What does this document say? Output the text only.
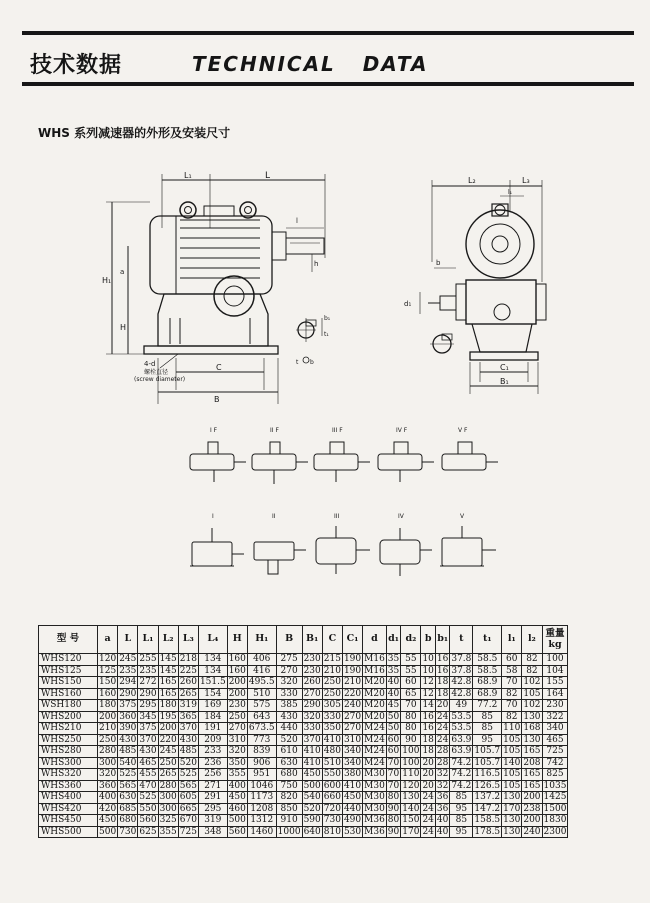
技术数据	TECHNICAL   DATA
WHS 系列减速器的外形及安装尺寸
L₁	L
l
h
H₁
a
H
4-d
螺栓直径
(screw diameter)
C
B
b₁
t₁
b
t
L₂	L₃
l₁
b
d₁
C₁
B₁
I F	II F	III F	IV F	V F
I	II	III	IV	V
型 号	a	L	L₁	L₂	L₃	L₄	H	H₁	B	B₁	C	C₁	d	d₁	d₂	b	b₁	t	t₁	l₁	l₂	重量
kg

WHS120	120	245	255	145	218	134	160	406	275	230	215	190	M16	35	55	10	16	37.8	58.5	60	82	100
WHS125	125	235	235	145	225	134	160	416	270	230	210	190	M16	35	55	10	16	37.8	58.5	58	82	104
WHS150	150	294	272	165	260	151.5	200	495.5	320	260	250	210	M20	40	60	12	18	42.8	68.9	70	102	155
WHS160	160	290	290	165	265	154	200	510	330	270	250	220	M20	40	65	12	18	42.8	68.9	82	105	164
WSH180	180	375	295	180	319	169	230	575	385	290	305	240	M20	45	70	14	20	49	77.2	70	102	230
WHS200	200	360	345	195	365	184	250	643	430	320	330	270	M20	50	80	16	24	53.5	85	82	130	322
WHS210	210	390	375	200	370	191	270	673.5	440	330	350	270	M24	50	80	16	24	53.5	85	110	168	340
WHS250	250	430	370	220	430	209	310	773	520	370	410	310	M24	60	90	18	24	63.9	95	105	130	465
WHS280	280	485	430	245	485	233	320	839	610	410	480	340	M24	60	100	18	28	63.9	105.7	105	165	725
WHS300	300	540	465	250	520	236	350	906	630	410	510	340	M24	70	100	20	28	74.2	105.7	140	208	742
WHS320	320	525	455	265	525	256	355	951	680	450	550	380	M30	70	110	20	32	74.2	116.5	105	165	825
WHS360	360	565	470	280	565	271	400	1046	750	500	600	410	M30	70	120	20	32	74.2	126.5	105	165	1035
WHS400	400	630	525	300	605	291	450	1173	820	540	660	450	M30	80	130	24	36	85	137.2	130	200	1425
WHS420	420	685	550	300	665	295	460	1208	850	520	720	440	M30	90	140	24	36	95	147.2	170	238	1500
WHS450	450	680	560	325	670	319	500	1312	910	590	730	490	M36	80	150	24	40	85	158.5	130	200	1830
WHS500	500	730	625	355	725	348	560	1460	1000	640	810	530	M36	90	170	24	40	95	178.5	130	240	2300
